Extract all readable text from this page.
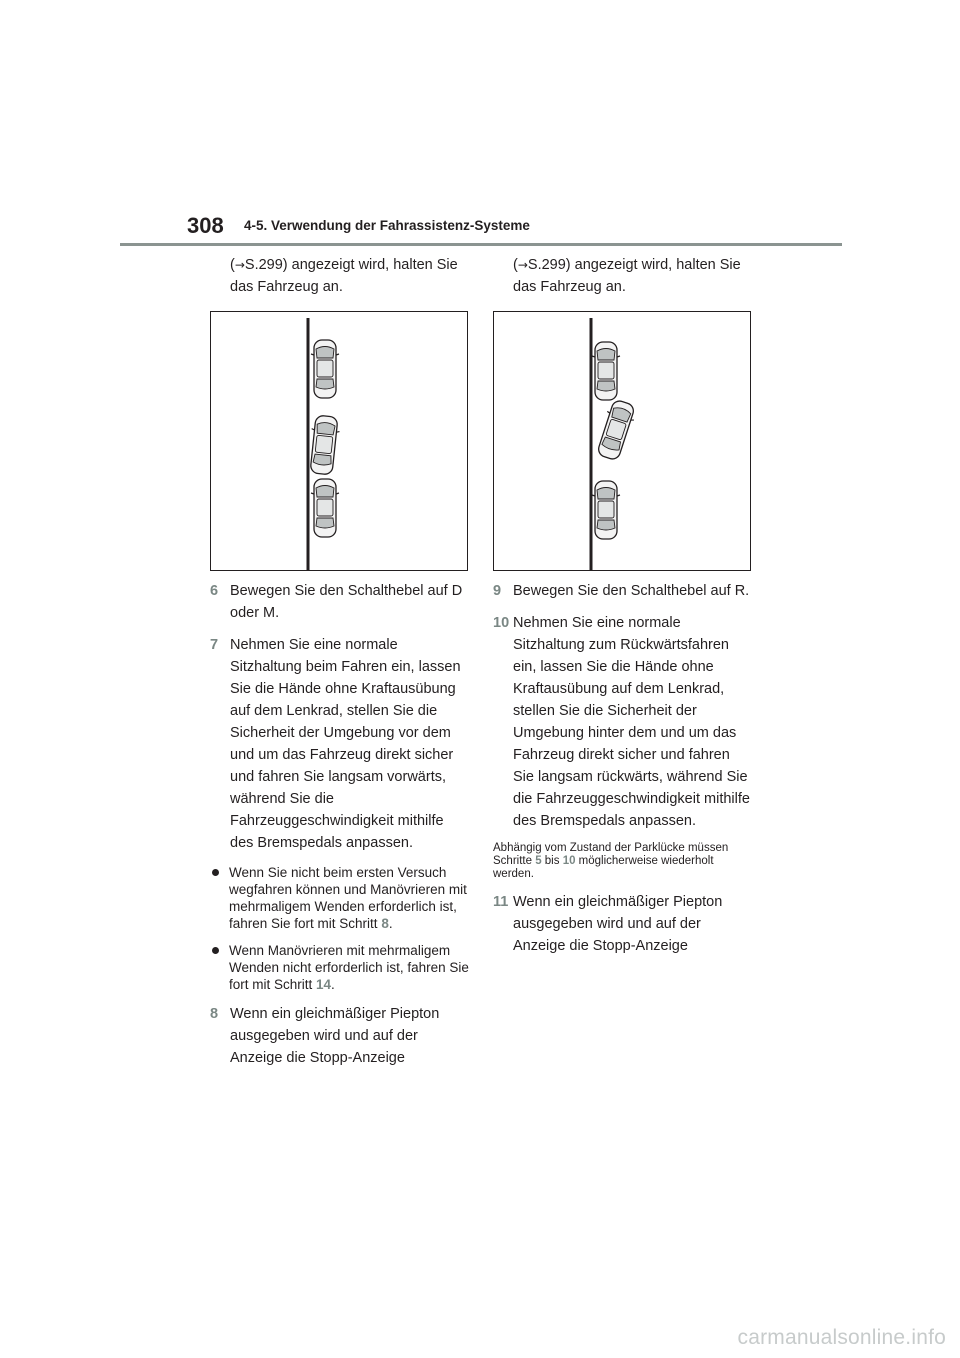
308 4-5. Verwendung der Fahrassistenz-Systeme

(→S.299) angezeigt wird, halten Sie
das Fahrzeug an.

6 Bewegen Sie den Schalthebel auf D oder M.
7 Nehmen Sie eine normale Sitzhaltung beim Fahren ein, lassen Sie die Hände ohne Kraftausübung auf dem Lenkrad, stellen Sie die Sicherheit der Umgebung vor dem und um das Fahrzeug direkt sicher und fahren Sie langsam vorwärts, während Sie die Fahrzeuggeschwindigkeit mithilfe des Bremspedals anpassen.
Wenn Sie nicht beim ersten Versuch wegfahren können und Manövrieren mit mehrmaligem Wenden erforderlich ist, fahren Sie fort mit Schritt 8.
Wenn Manövrieren mit mehrmaligem Wenden nicht erforderlich ist, fahren Sie fort mit Schritt 14.
8 Wenn ein gleichmäßiger Piepton ausgegeben wird und auf der Anzeige die Stopp-Anzeige

(→S.299) angezeigt wird, halten Sie
das Fahrzeug an.

9 Bewegen Sie den Schalthebel auf R.
10 Nehmen Sie eine normale Sitzhaltung zum Rückwärtsfahren ein, lassen Sie die Hände ohne Kraftausübung auf dem Lenkrad, stellen Sie die Sicherheit der Umgebung hinter dem und um das Fahrzeug direkt sicher und fahren Sie langsam rückwärts, während Sie die Fahrzeuggeschwindigkeit mithilfe des Bremspedals anpassen.

Abhängig vom Zustand der Parklücke müssen Schritte 5 bis 10 möglicherweise wiederholt werden.

11 Wenn ein gleichmäßiger Piepton ausgegeben wird und auf der Anzeige die Stopp-Anzeige
carmanualsonline.info
